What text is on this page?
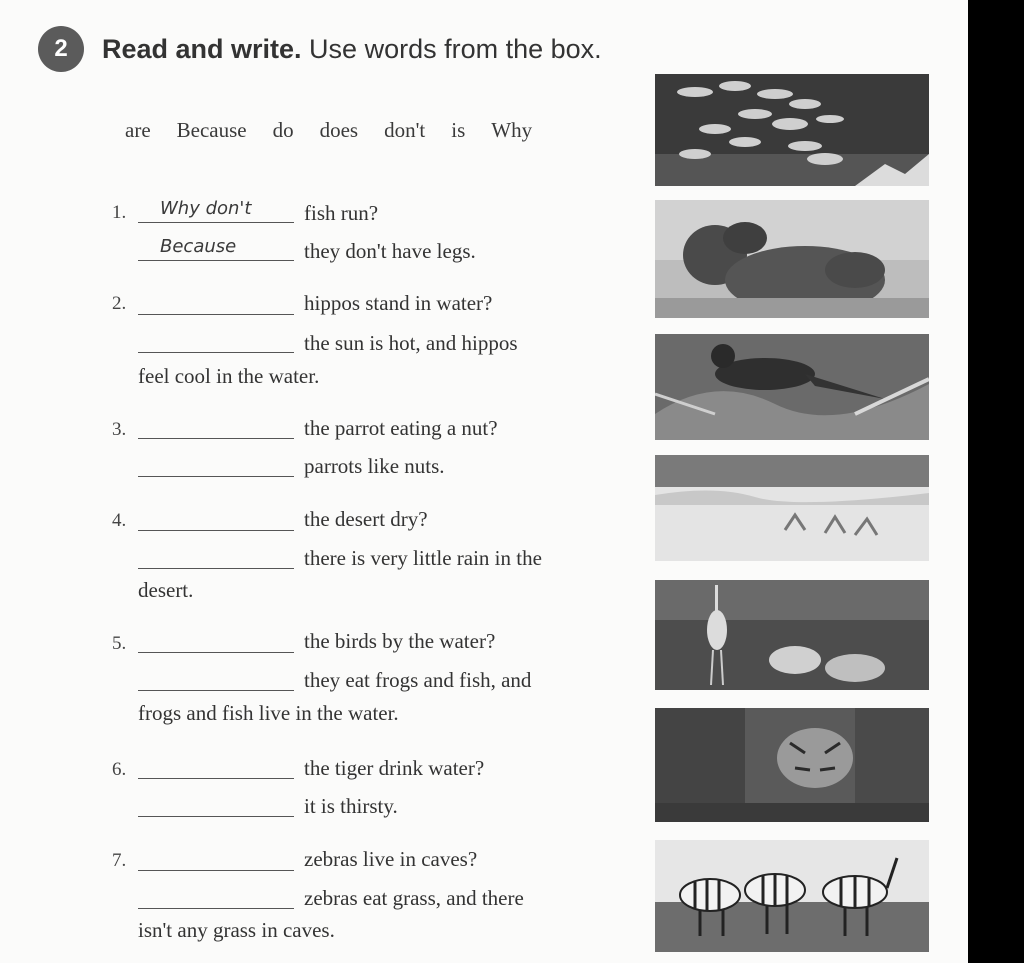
2	Read and write. Use words from the box.
are Because do does don't is Why
1. Why don't	fish run?
Because	they don't have legs.
2.	hippos stand in water?
the sun is hot, and hippos
feel cool in the water.
3.	the parrot eating a nut?
parrots like nuts.
4.	the desert dry?
there is very little rain in the
desert.
5.	the birds by the water?
they eat frogs and fish, and
frogs and fish live in the water.
6.	the tiger drink water?
it is thirsty.
7.	zebras live in caves?
zebras eat grass, and there
isn't any grass in caves.
